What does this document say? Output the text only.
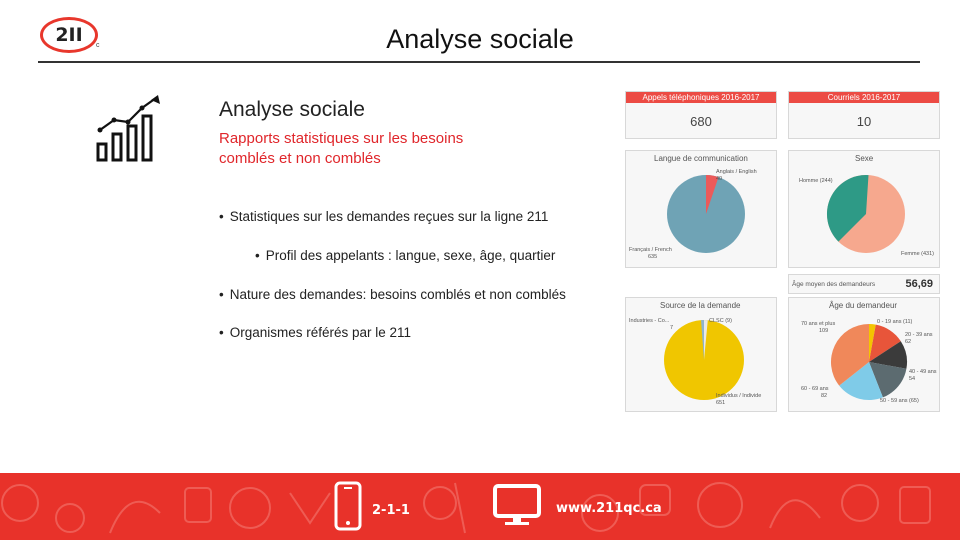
2II c	Analyse sociale
Analyse sociale
Rapports statistiques sur les besoins comblés et non comblés
• Statistiques sur les demandes reçues sur la ligne 211
• Profil des appelants : langue, sexe, âge, quartier
• Nature des demandes: besoins comblés et non comblés
• Organismes référés par le 211
Appels téléphoniques 2016-2017
680
Courriels 2016-2017
10
Langue de communication
Anglais / English
40
Français / French
635
Sexe
Homme (244)
Femme (431)
Âge moyen des demandeurs	56,69
Source de la demande
CLSC (9)
Industries - Co...
7
Individus / Individe
651
Âge du demandeur
0 - 19 ans (11)
20 - 39 ans
62
40 - 49 ans
54
50 - 59 ans (65)
60 - 69 ans
82
70 ans et plus
109
2-1-1	www.211qc.ca
